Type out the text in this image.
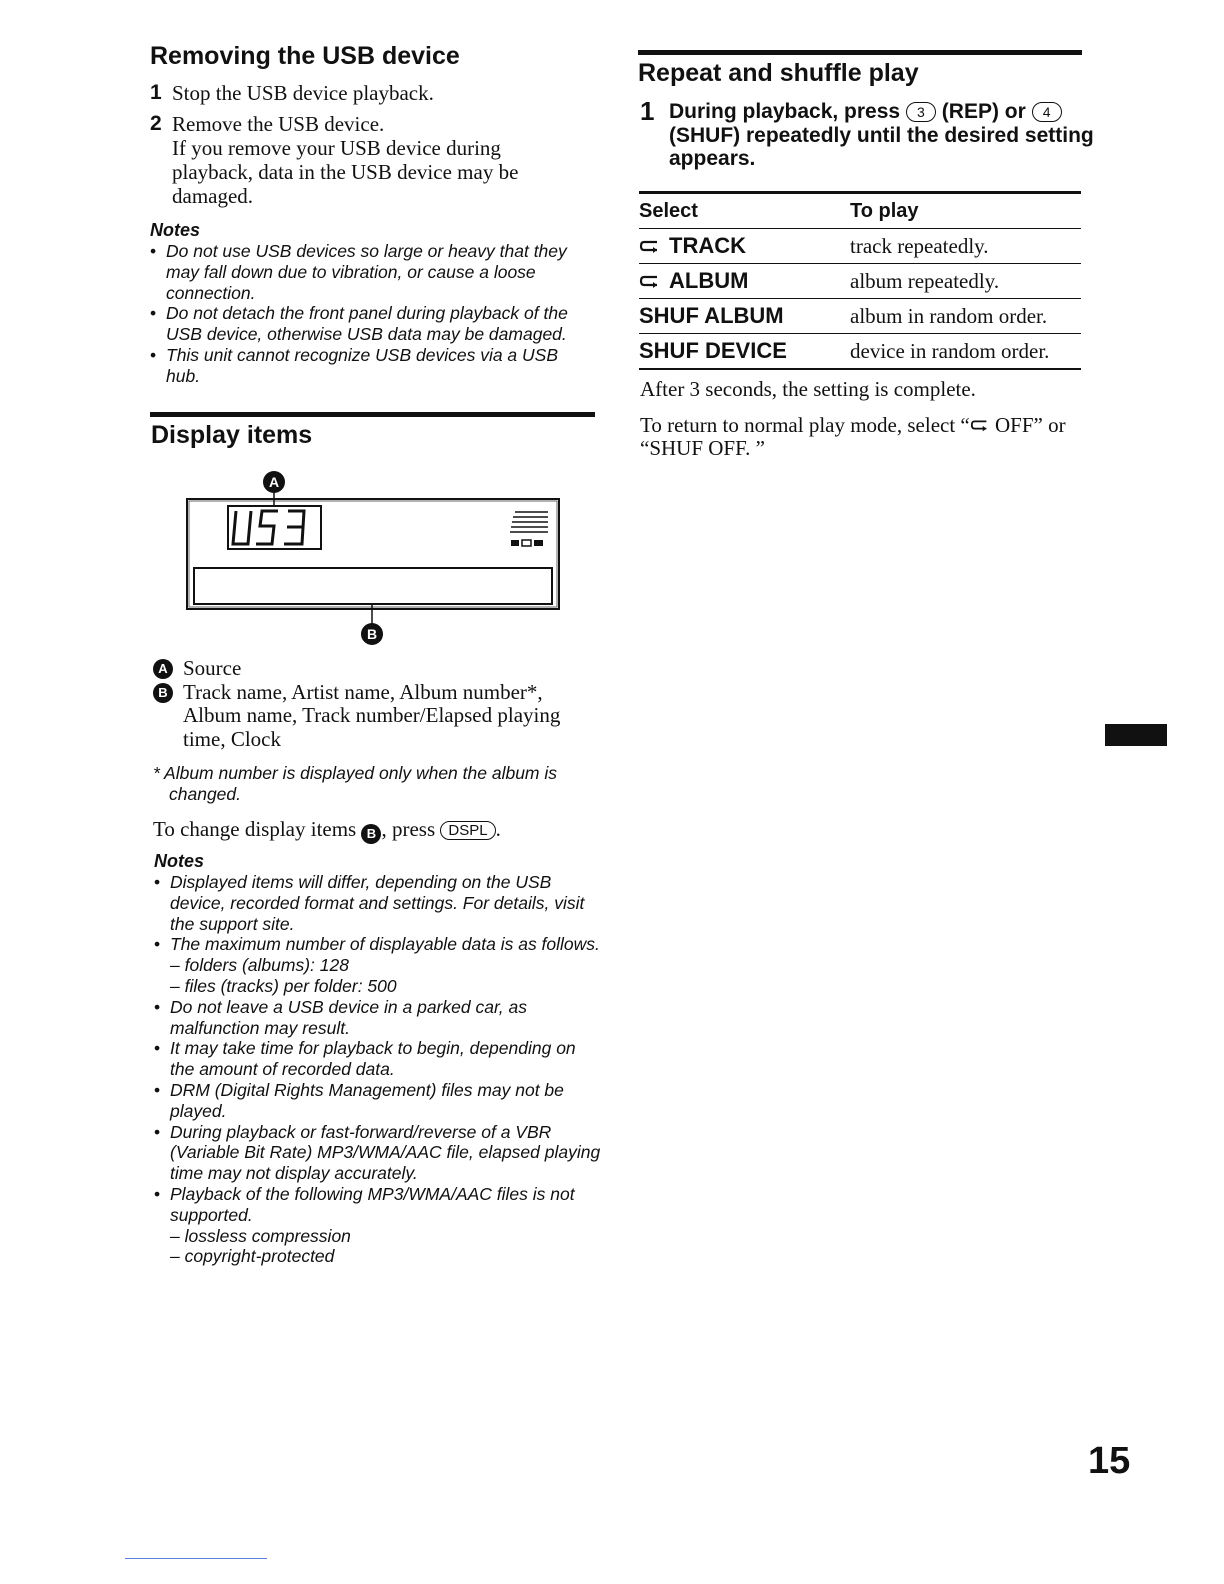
Removing the USB device
1 Stop the USB device playback.
2 Remove the USB device.
If you remove your USB device during playback, data in the USB device may be damaged.
Notes
• Do not use USB devices so large or heavy that they may fall down due to vibration, or cause a loose connection.
• Do not detach the front panel during playback of the USB device, otherwise USB data may be damaged.
• This unit cannot recognize USB devices via a USB hub.
Display items
A
B
A Source
B Track name, Artist name, Album number*, Album name, Track number/Elapsed playing time, Clock
* Album number is displayed only when the album is changed.
To change display items B , press DSPL .
Notes
• Displayed items will differ, depending on the USB device, recorded format and settings. For details, visit the support site.
• The maximum number of displayable data is as follows.
– folders (albums): 128
– files (tracks) per folder: 500
• Do not leave a USB device in a parked car, as malfunction may result.
• It may take time for playback to begin, depending on the amount of recorded data.
• DRM (Digital Rights Management) files may not be played.
• During playback or fast-forward/reverse of a VBR (Variable Bit Rate) MP3/WMA/AAC file, elapsed playing time may not display accurately.
• Playback of the following MP3/WMA/AAC files is not supported.
– lossless compression
– copyright-protected
Repeat and shuffle play
1 During playback, press 3 (REP) or 4 (SHUF) repeatedly until the desired setting appears.
Select	To play
TRACK	track repeatedly.
ALBUM	album repeatedly.
SHUF ALBUM	album in random order.
SHUF DEVICE	device in random order.
After 3 seconds, the setting is complete.
To return to normal play mode, select “ OFF” or “SHUF OFF. ”
15
